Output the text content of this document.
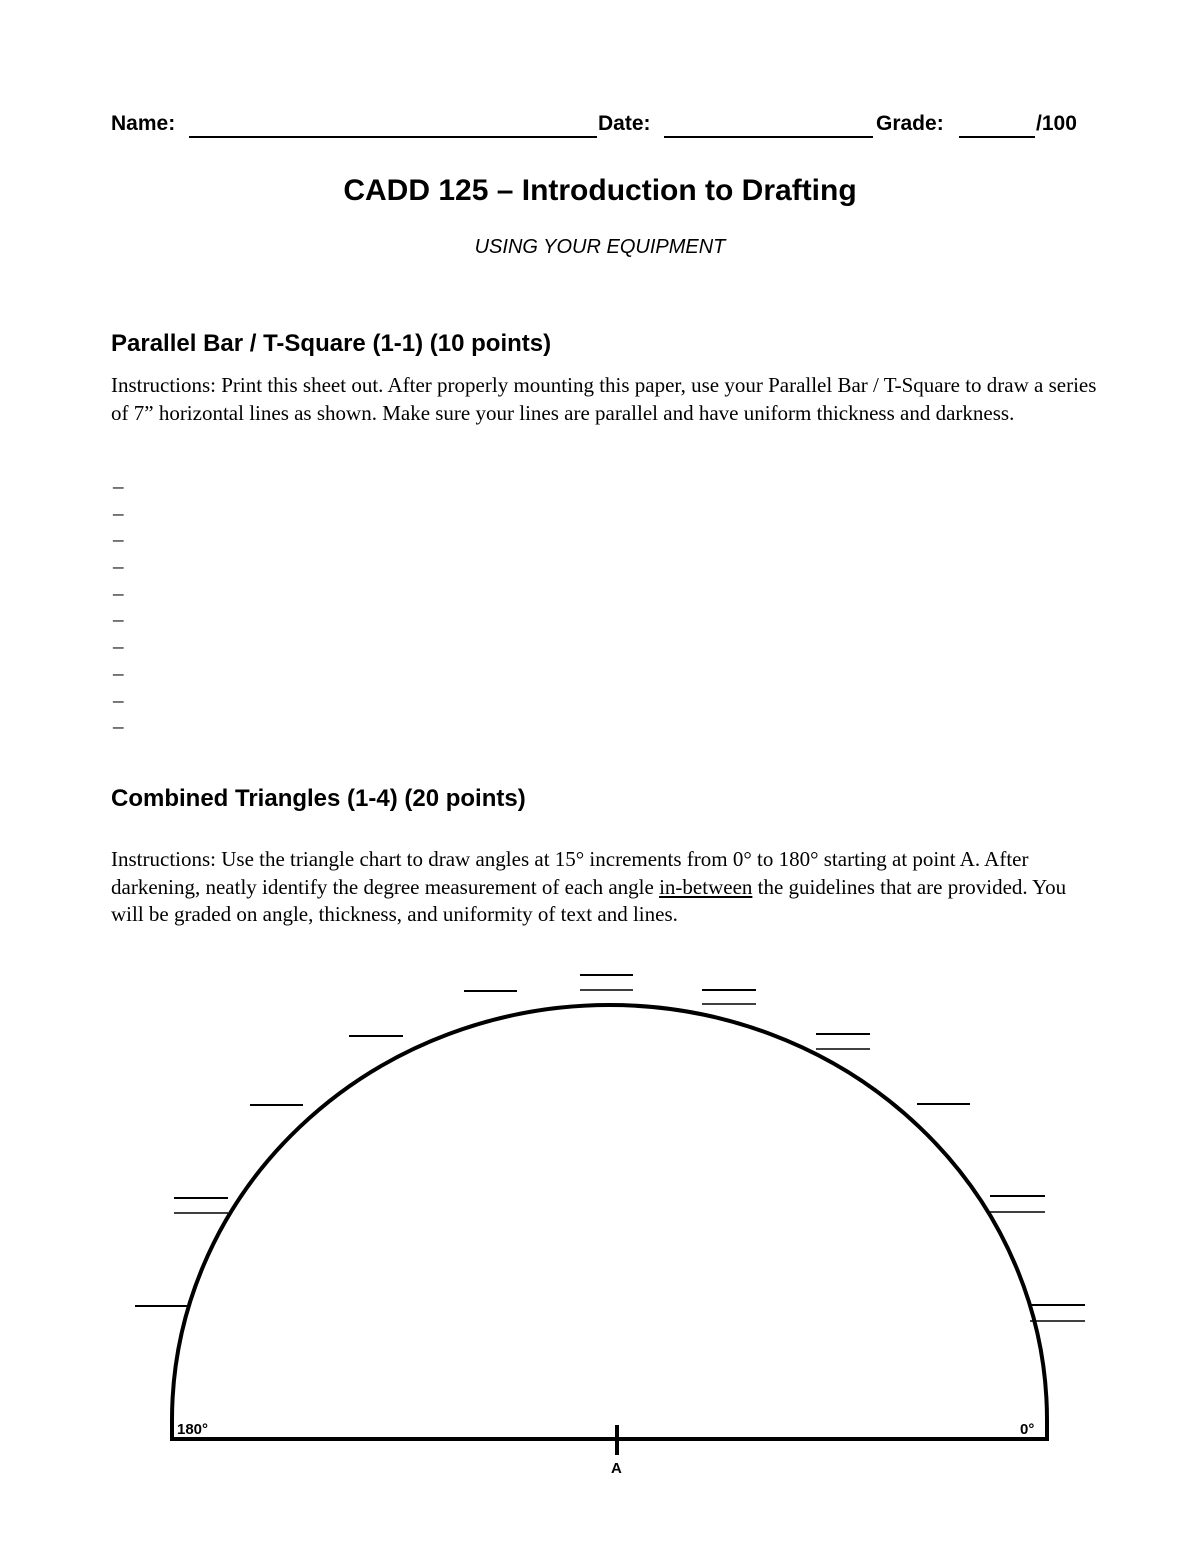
Name:	Date:	Grade:	/100
CADD 125 – Introduction to Drafting
USING YOUR EQUIPMENT
Parallel Bar / T-Square (1-1) (10 points)
Instructions: Print this sheet out. After properly mounting this paper, use your Parallel Bar / T-Square to draw a series of 7” horizontal lines as shown. Make sure your lines are parallel and have uniform thickness and darkness.
_
_
_
_
_
_
_
_
_
_
Combined Triangles (1-4) (20 points)
Instructions: Use the triangle chart to draw angles at 15° increments from 0° to 180° starting at point A. After darkening, neatly identify the degree measurement of each angle in-between the guidelines that are provided. You will be graded on angle, thickness, and uniformity of text and lines.
180°	0°
A
